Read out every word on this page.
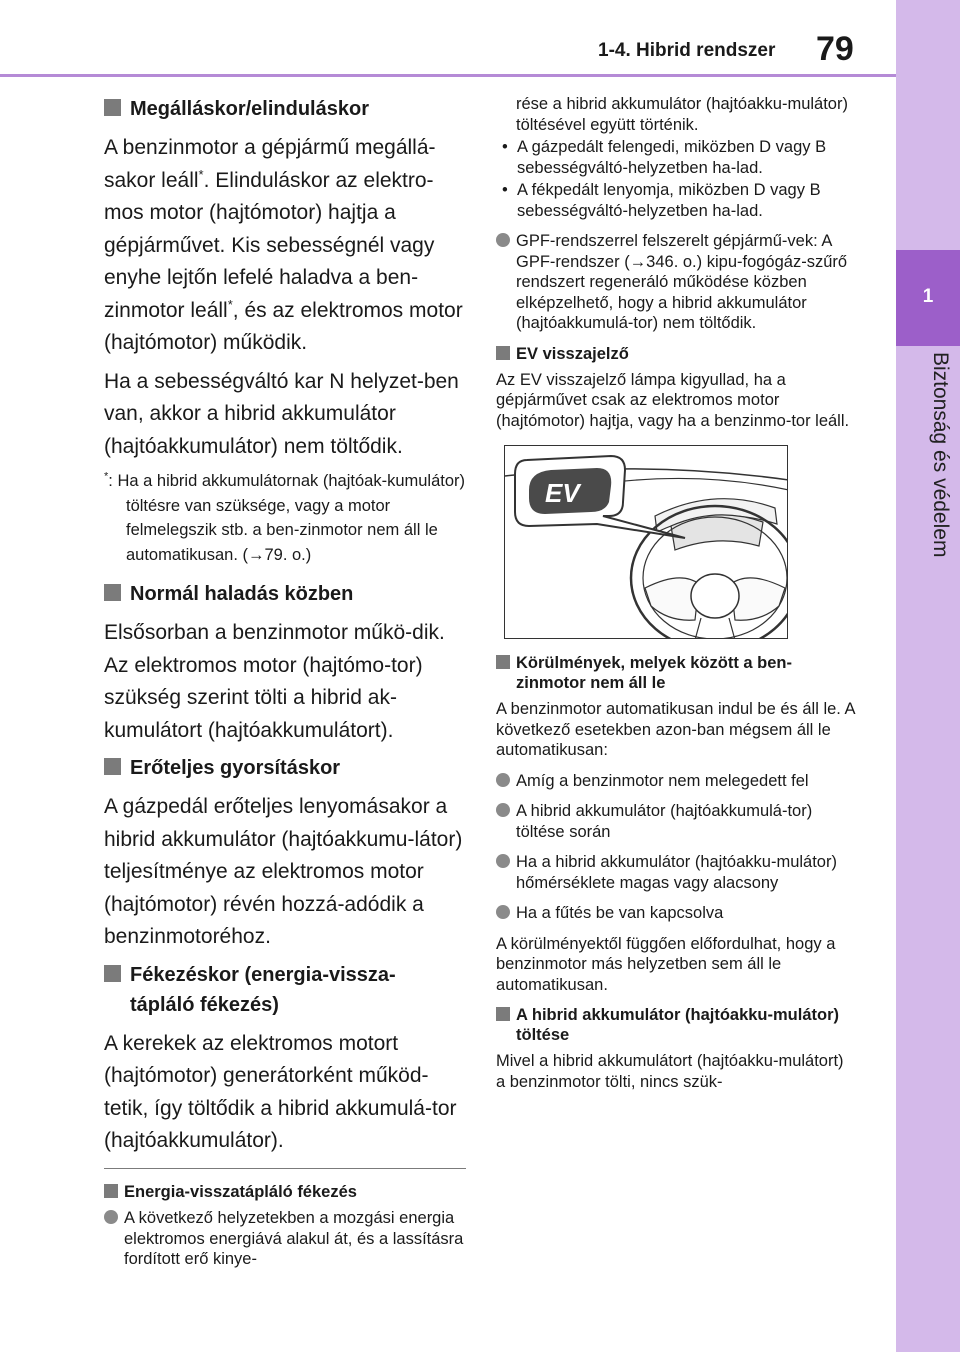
1-4. Hibrid rendszer 79
1
Biztonság és védelem
Megálláskor/elinduláskor

A benzinmotor a gépjármű megállá-sakor leáll*. Elinduláskor az elektro-mos motor (hajtómotor) hajtja a gépjárművet. Kis sebességnél vagy enyhe lejtőn lefelé haladva a ben-zinmotor leáll*, és az elektromos motor (hajtómotor) működik.

Ha a sebességváltó kar N helyzet-ben van, akkor a hibrid akkumulátor (hajtóakkumulátor) nem töltődik.

*: Ha a hibrid akkumulátornak (hajtóak-kumulátor) töltésre van szüksége, vagy a motor felmelegszik stb. a ben-zinmotor nem áll le automatikusan. (→79. o.)

Normál haladás közben

Elsősorban a benzinmotor műkö-dik. Az elektromos motor (hajtómo-tor) szükség szerint tölti a hibrid ak-kumulátort (hajtóakkumulátort).

Erőteljes gyorsításkor

A gázpedál erőteljes lenyomásakor a hibrid akkumulátor (hajtóakkumu-látor) teljesítménye az elektromos motor (hajtómotor) révén hozzá-adódik a benzinmotoréhoz.

Fékezéskor (energia-vissza-
tápláló fékezés)

A kerekek az elektromos motort (hajtómotor) generátorként működ-tetik, így töltődik a hibrid akkumulá-tor (hajtóakkumulátor).

Energia-visszatápláló fékezés
A következő helyzetekben a mozgási energia elektromos energiává alakul át, és a lassításra fordított erő kinye-
rése a hibrid akkumulátor (hajtóakku-mulátor) töltésével együtt történik.
• A gázpedált felengedi, miközben D vagy B sebességváltó-helyzetben ha-lad.
• A fékpedált lenyomja, miközben D vagy B sebességváltó-helyzetben ha-lad.
GPF-rendszerrel felszerelt gépjármű-vek: A GPF-rendszer (→346. o.) kipu-fogógáz-szűrő rendszert regeneráló működése közben elképzelhető, hogy a hibrid akkumulátor (hajtóakkumulá-tor) nem töltődik.
EV visszajelző

Az EV visszajelző lámpa kigyullad, ha a gépjárművet csak az elektromos motor (hajtómotor) hajtja, vagy ha a benzinmo-tor leáll.

EV
Körülmények, melyek között a ben-zinmotor nem áll le

A benzinmotor automatikusan indul be és áll le. A következő esetekben azon-ban mégsem áll le automatikusan:

Amíg a benzinmotor nem melegedett fel
A hibrid akkumulátor (hajtóakkumulá-tor) töltése során
Ha a hibrid akkumulátor (hajtóakku-mulátor) hőmérséklete magas vagy alacsony
Ha a fűtés be van kapcsolva

A körülményektől függően előfordulhat, hogy a benzinmotor más helyzetben sem áll le automatikusan.

A hibrid akkumulátor (hajtóakku-mulátor) töltése

Mivel a hibrid akkumulátort (hajtóakku-mulátort) a benzinmotor tölti, nincs szük-
